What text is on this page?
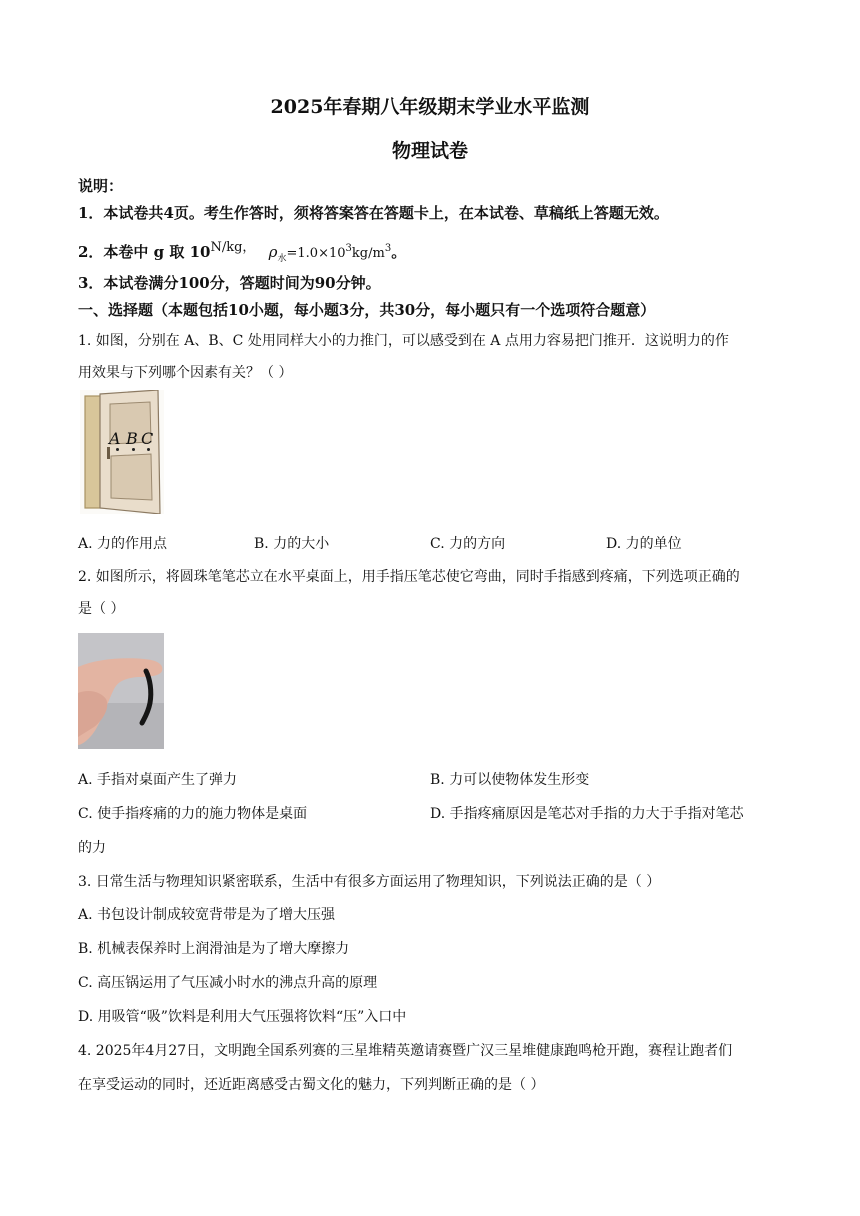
2025年春期八年级期末学业水平监测
物理试卷
说明：
1．本试卷共4页。考生作答时，须将答案答在答题卡上，在本试卷、草稿纸上答题无效。
2．本卷中 g 取 $10^{N/kg,}$ $\rho_水=1.0\times 10^3kg/m^3$。
3．本试卷满分100分，答题时间为90分钟。
一、选择题（本题包括10小题，每小题3分，共30分，每小题只有一个选项符合题意）
1. 如图，分别在 A、B、C 处用同样大小的力推门，可以感受到在 A 点用力容易把门推开．这说明力的作
用效果与下列哪个因素有关？（ ）
A B C
A. 力的作用点	B. 力的大小	C. 力的方向	D. 力的单位
2. 如图所示，将圆珠笔笔芯立在水平桌面上，用手指压笔芯使它弯曲，同时手指感到疼痛，下列选项正确的
是（ ）
A. 手指对桌面产生了弹力	B. 力可以使物体发生形变
C. 使手指疼痛的力的施力物体是桌面	D. 手指疼痛原因是笔芯对手指的力大于手指对笔芯
的力
3. 日常生活与物理知识紧密联系，生活中有很多方面运用了物理知识，下列说法正确的是（ ）
A. 书包设计制成较宽背带是为了增大压强
B. 机械表保养时上润滑油是为了增大摩擦力
C. 高压锅运用了气压减小时水的沸点升高的原理
D. 用吸管“吸”饮料是利用大气压强将饮料“压”入口中
4. 2025年4月27日，文明跑全国系列赛的三星堆精英邀请赛暨广汉三星堆健康跑鸣枪开跑，赛程让跑者们
在享受运动的同时，还近距离感受古蜀文化的魅力，下列判断正确的是（ ）
